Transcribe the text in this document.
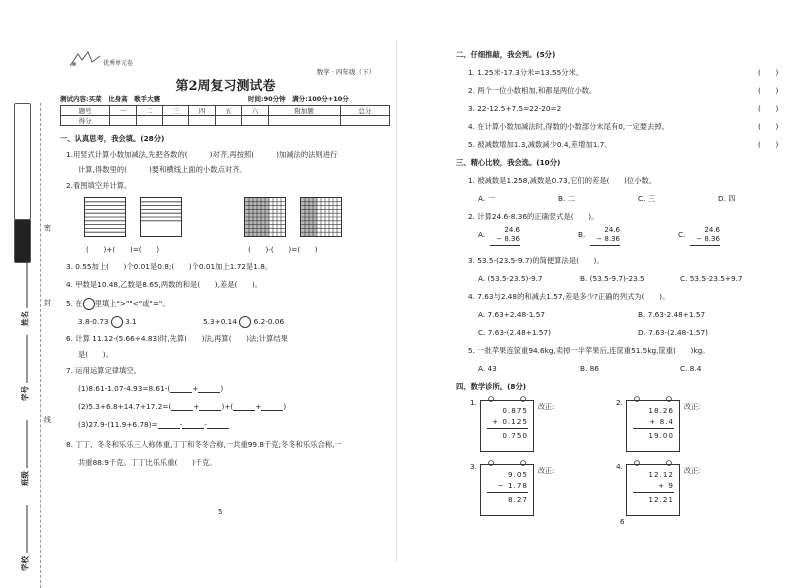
学校
班级
学号
姓名
密
封
线
优秀单元卷
数学 · 四年级（下）
第2周复习测试卷
测试内容:买菜　比身高　歌手大赛	时间:90分钟　满分:100分+10分
题号	一	二	三	四	五	六	附加题	总分
得分								
一、认真思考，我会填。(28分)
1.用竖式计算小数加减法,先把各数的(	)对齐,再按照(	)加减法的法则进行
计算,得数里的(	)要和横线上面的小数点对齐。
2.看图填空并计算。
(　　)+(　　)=(　　)	(　　)-(　　)=(　　)
3. 0.55加上(　　)个0.01是0.8;(　　)个0.01加上1.72是1.8。
4. 甲数是10.48,乙数是8.65,两数的和是(　　),差是(　　)。
5. 在 里填上">""<"或"="。
3.8-0.73 3.1	5.3+0.14 6.2-0.06
6. 计算 11.12-(5.66+4.83)时,先算(　　)法,再算(　　)法;计算结果
是(　　)。
7. 运用运算定律填空。
(1)8.61-1.07-4.93=8.61-(	+	)
(2)5.3+6.8+14.7+17.2=(	+	)+(	+	)
(3)27.9-(11.9+6.78)=	-	-
8. 丁丁、冬冬和乐乐三人称体重,丁丁和冬冬合称,一共重99.8千克;冬冬和乐乐合称,一
共重88.9千克。丁丁比乐乐重(　　)千克。
5
二、仔细推敲，我会判。(5分)
1. 1.25米-17.3分米=13.55分米。	(　　)
2. 两个一位小数相加,和都是两位小数。	(　　)
3. 22-12.5+7.5=22-20=2	(　　)
4. 在计算小数加减法时,得数的小数部分末尾有0,一定要去掉。	(　　)
5. 被减数增加1.3,减数减少0.4,差增加1.7。	(　　)
三、精心比较，我会选。(10分)
1. 被减数是1.258,减数是0.73,它们的差是(　　)位小数。
A. 一	B. 二	C. 三	D. 四
2. 计算24.6-8.36的正确竖式是(　　)。
A.	24.6
− 8.36	B.	24.6
− 8.36	C.	24.6
− 8.36
3. 53.5-(23.5-9.7)的简便算法是(　　)。
A. (53.5-23.5)-9.7	B. (53.5-9.7)-23.5	C. 53.5-23.5+9.7
4. 7.63与2.48的和减去1.57,差是多少?正确的列式为(　　)。
A. 7.63+2.48-1.57	B. 7.63-2.48+1.57
C. 7.63-(2.48+1.57)	D. 7.63-(2.48-1.57)
5. 一批苹果连筐重94.6kg,卖掉一半苹果后,连筐重51.5kg,筐重(　　)kg。
A. 43	B. 86	C. 8.4
四、数学诊所。(8分)
1.
0.875
+ 0.125
0.750
改正:	2.
18.26
+ 8.4
19.00
改正:
3.
9.05
− 1.78
8.27
改正:	4.
12.12
+ 9
12.21
改正:
6
